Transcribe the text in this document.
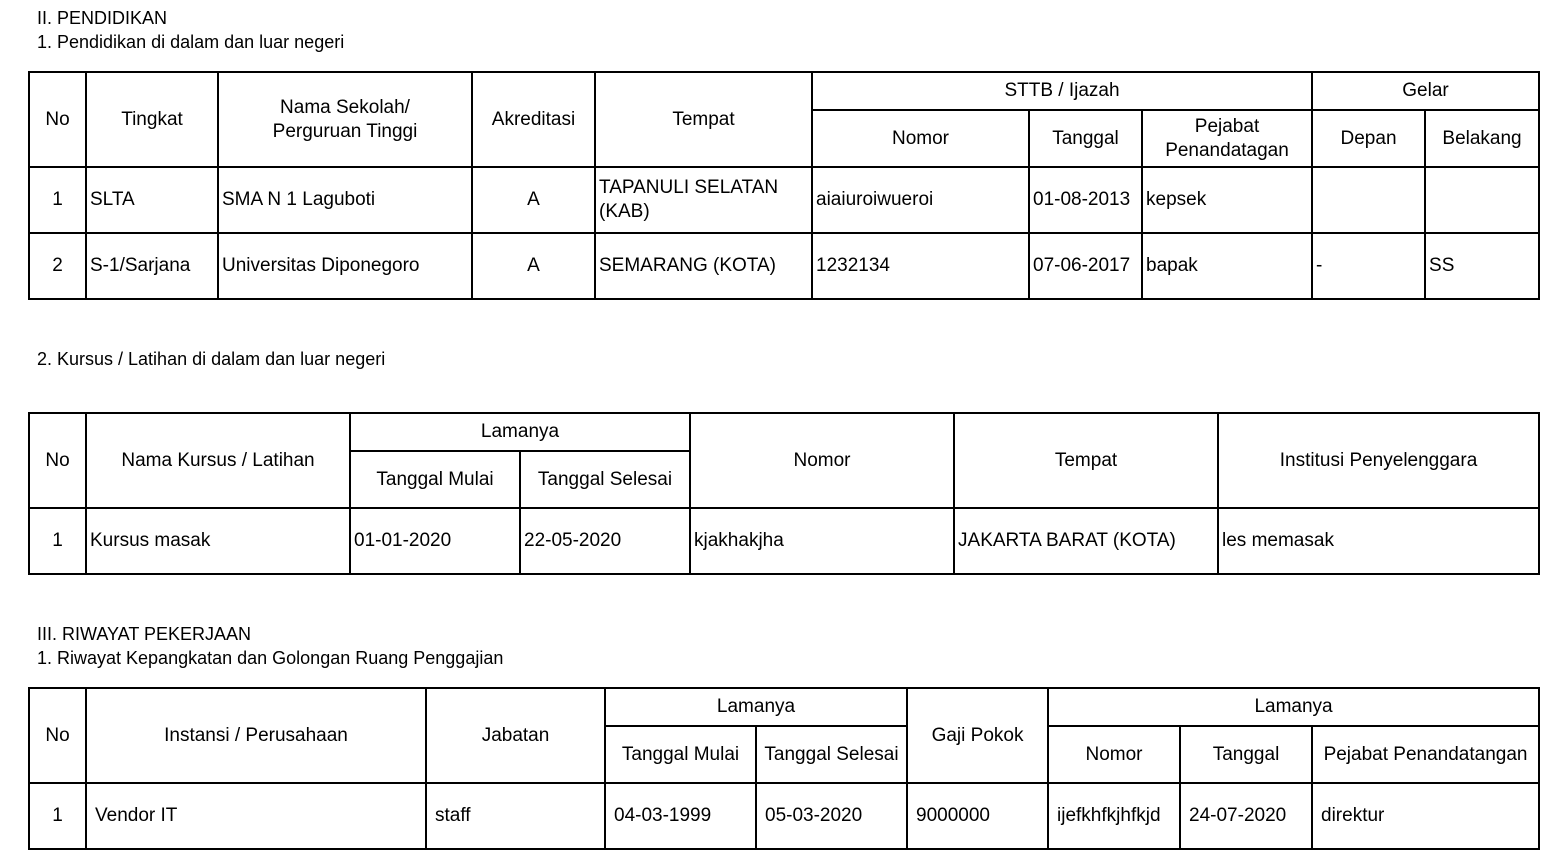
II. PENDIDIKAN
1. Pendidikan di dalam dan luar negeri
No	Tingkat	Nama Sekolah/
Perguruan Tinggi	Akreditasi	Tempat	STTB / Ijazah			Gelar	
					Nomor	Tanggal	Pejabat
Penandatagan	Depan	Belakang
1	SLTA	SMA N 1 Laguboti	A	TAPANULI SELATAN (KAB)	aiaiuroiwueroi	01-08-2013	kepsek		
2	S-1/Sarjana	Universitas Diponegoro	A	SEMARANG (KOTA)	1232134	07-06-2017	bapak	-	SS
2. Kursus / Latihan di dalam dan luar negeri
No	Nama Kursus / Latihan	Lamanya		Nomor	Tempat	Institusi Penyelenggara
		Tanggal Mulai	Tanggal Selesai			
1	Kursus masak	01-01-2020	22-05-2020	kjakhakjha	JAKARTA BARAT (KOTA)	les memasak
III. RIWAYAT PEKERJAAN
1. Riwayat Kepangkatan dan Golongan Ruang Penggajian
No	Instansi / Perusahaan	Jabatan	Lamanya		Gaji Pokok	Lamanya		
			Tanggal Mulai	Tanggal Selesai		Nomor	Tanggal	Pejabat Penandatangan
1	Vendor IT	staff	04-03-1999	05-03-2020	9000000	ijefkhfkjhfkjd	24-07-2020	direktur
